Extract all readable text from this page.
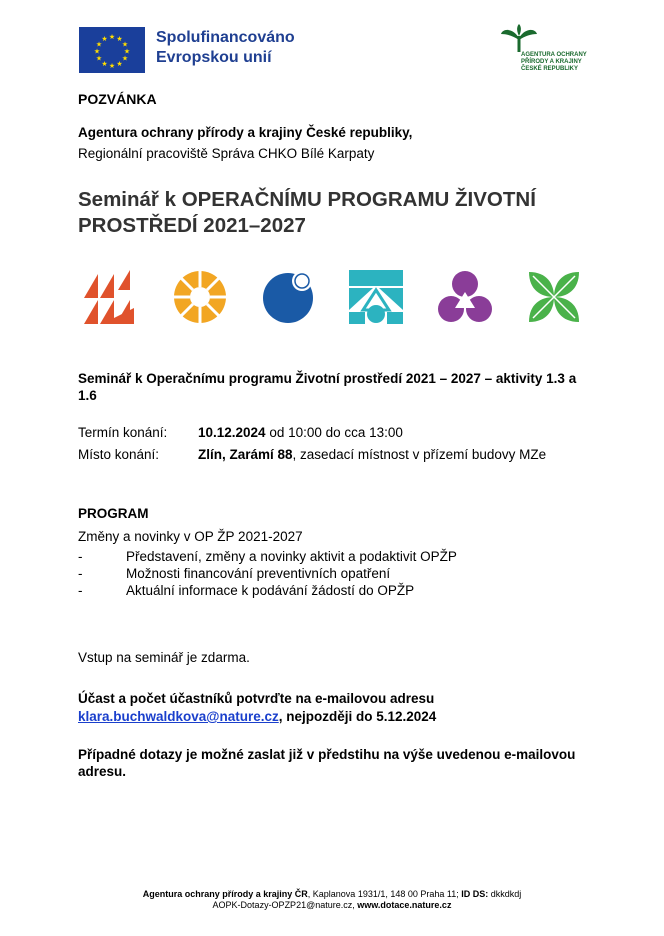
★ ★
★
★
★
★
★
★
★
★
★
★	Spolufinancováno
Evropskou unií	AGENTURA OCHRANY PŘÍRODY A KRAJINY ČESKÉ REPUBLIKY
POZVÁNKA
Agentura ochrany přírody a krajiny České republiky,
Regionální pracoviště Správa CHKO Bílé Karpaty
Seminář k OPERAČNÍMU PROGRAMU ŽIVOTNÍ
PROSTŘEDÍ 2021–2027
Seminář k Operačnímu programu Životní prostředí 2021 – 2027 – aktivity 1.3 a
1.6
Termín konání: 10.12.2024 od 10:00 do cca 13:00
Místo konání:	Zlín, Zarámí 88, zasedací místnost v přízemí budovy MZe
PROGRAM
Změny a novinky v OP ŽP 2021-2027
-	Představení, změny a novinky aktivit a podaktivit OPŽP
-	Možnosti financování preventivních opatření
-	Aktuální informace k podávání žádostí do OPŽP
Vstup na seminář je zdarma.
Účast a počet účastníků potvrďte na e-mailovou adresu
klara.buchwaldkova@nature.cz, nejpozději do 5.12.2024
Případné dotazy je možné zaslat již v předstihu na výše uvedenou e-mailovou
adresu.
Agentura ochrany přírody a krajiny ČR, Kaplanova 1931/1, 148 00 Praha 11; ID DS: dkkdkdj
AOPK-Dotazy-OPZP21@nature.cz, www.dotace.nature.cz
